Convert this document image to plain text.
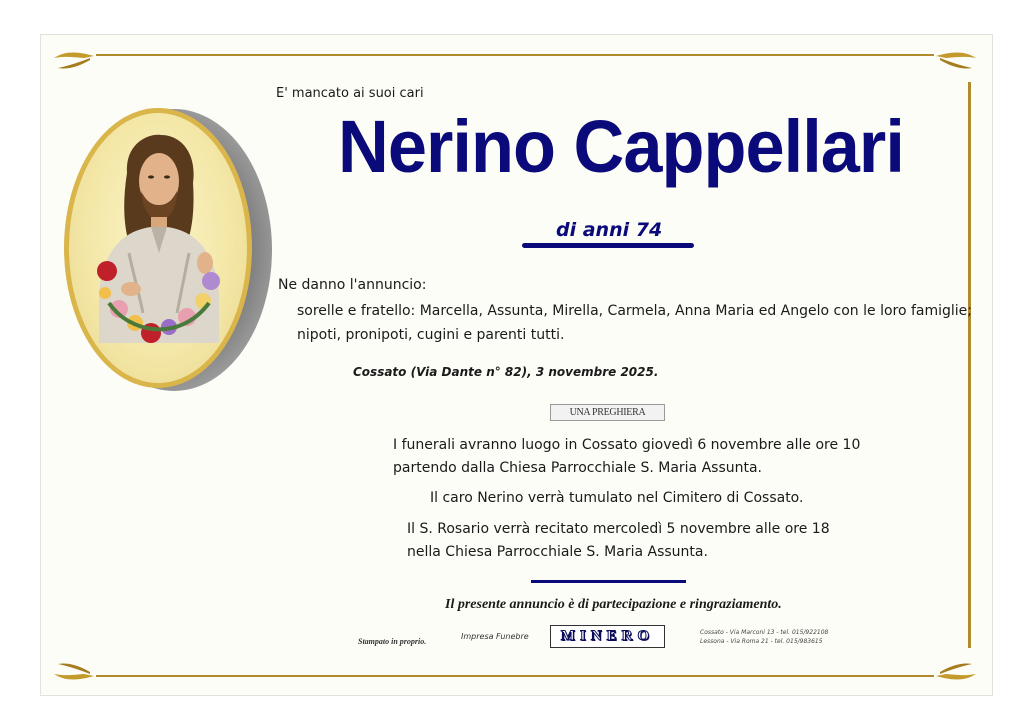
E' mancato ai suoi cari
Nerino Cappellari
di anni 74
Ne danno l'annuncio:
sorelle e fratello: Marcella, Assunta, Mirella, Carmela, Anna Maria ed Angelo con le loro famiglie;
nipoti, pronipoti, cugini e parenti tutti.
Cossato (Via Dante n° 82), 3 novembre 2025.
UNA PREGHIERA
I funerali avranno luogo in Cossato giovedì 6 novembre alle ore 10
partendo dalla Chiesa Parrocchiale S. Maria Assunta.
Il caro Nerino verrà tumulato nel Cimitero di Cossato.
Il S. Rosario verrà recitato mercoledì 5 novembre alle ore 18
nella Chiesa Parrocchiale S. Maria Assunta.
Il presente annuncio è di partecipazione e ringraziamento.
Stampato in proprio.
Impresa Funebre MINERO	Cossato - Via Marconi 13 - tel. 015/922108
Lessona - Via Roma 21 - tel. 015/983615
